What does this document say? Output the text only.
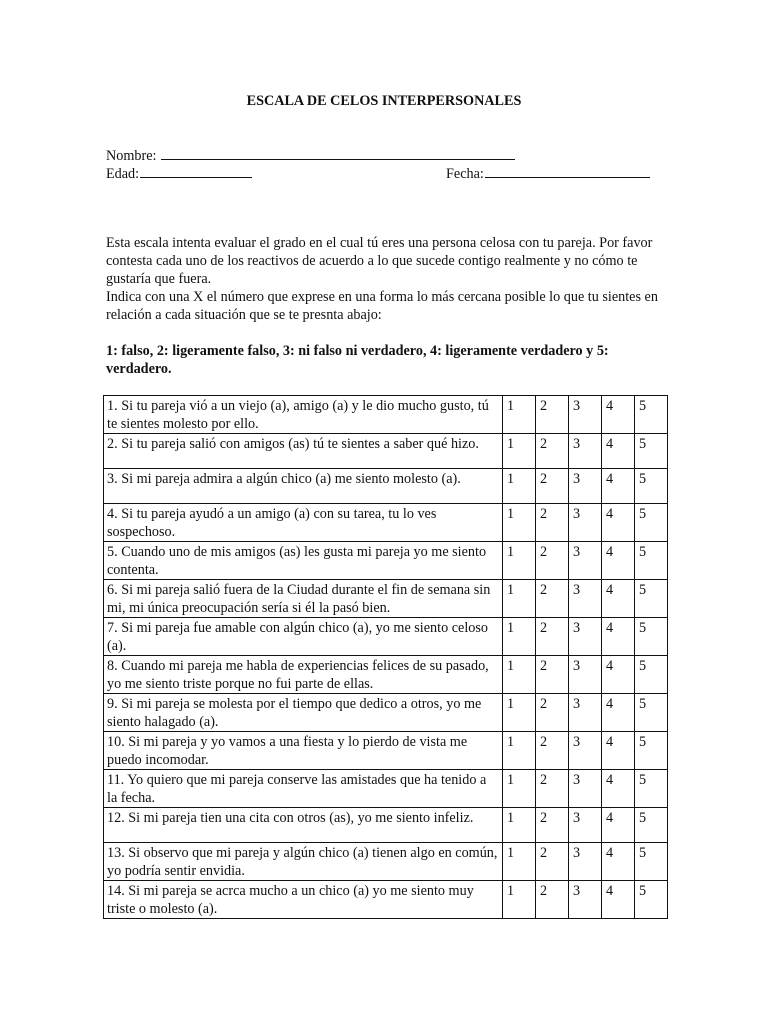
ESCALA DE CELOS INTERPERSONALES
Nombre:
Edad:	Fecha:

Esta escala intenta evaluar el grado en el cual tú eres una persona celosa con tu pareja. Por favor contesta cada uno de los reactivos de acuerdo a lo que sucede contigo realmente y no cómo te gustaría que fuera.

Indica con una X el número que exprese en una forma lo más cercana posible lo que tu sientes en relación a cada situación que se te presnta abajo:

1: falso, 2: ligeramente falso, 3: ni falso ni verdadero, 4: ligeramente verdadero y 5: verdadero.
1. Si tu pareja vió a un viejo (a), amigo (a) y le dio mucho gusto, tú te sientes molesto por ello.	1	2	3	4	5
2. Si tu pareja salió con amigos (as) tú te sientes a saber qué hizo.	1	2	3	4	5
3. Si mi pareja admira a algún chico (a) me siento molesto (a).	1	2	3	4	5
4. Si tu pareja ayudó a un amigo (a) con su tarea, tu lo ves sospechoso.	1	2	3	4	5
5. Cuando uno de mis amigos (as) les gusta mi pareja yo me siento contenta.	1	2	3	4	5
6. Si mi pareja salió fuera de la Ciudad durante el fin de semana sin mi, mi única preocupación sería si él la pasó bien.	1	2	3	4	5
7. Si mi pareja fue amable con algún chico (a), yo me siento celoso (a).	1	2	3	4	5
8. Cuando mi pareja me habla de experiencias felices de su pasado, yo me siento triste porque no fui parte de ellas.	1	2	3	4	5
9. Si mi pareja se molesta por el tiempo que dedico a otros, yo me siento halagado (a).	1	2	3	4	5
10. Si mi pareja y yo vamos a una fiesta y lo pierdo de vista me puedo incomodar.	1	2	3	4	5
11. Yo quiero que mi pareja conserve las amistades que ha tenido a la fecha.	1	2	3	4	5
12. Si mi pareja tien una cita con otros (as), yo me siento infeliz.	1	2	3	4	5
13. Si observo que mi pareja y algún chico (a) tienen algo en común, yo podría sentir envidia.	1	2	3	4	5
14. Si mi pareja se acrca mucho a un chico (a) yo me siento muy triste o molesto (a).	1	2	3	4	5
